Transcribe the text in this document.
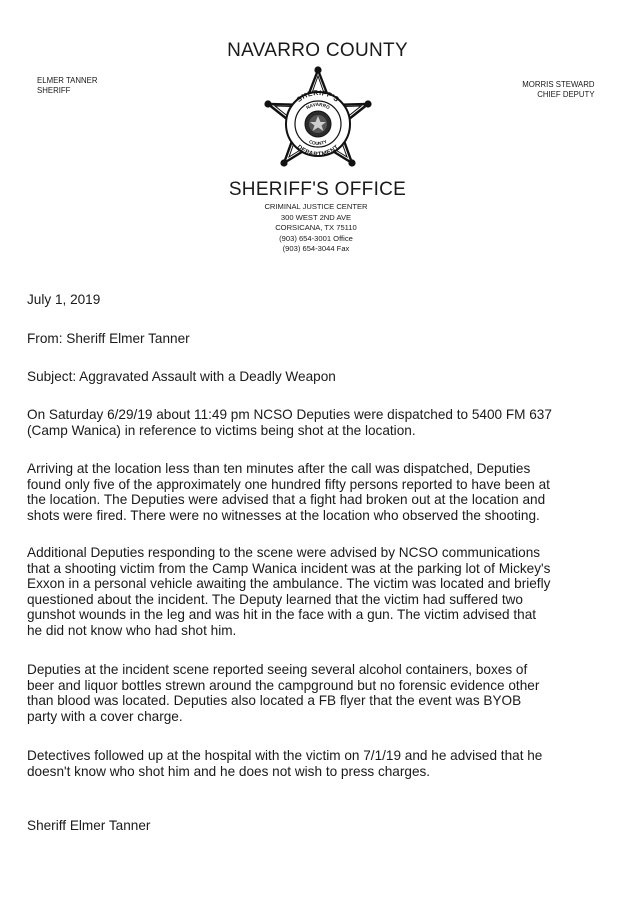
NAVARRO COUNTY
ELMER TANNER
SHERIFF
MORRIS STEWARD
CHIEF DEPUTY
SHERIFF'S
DEPARTMENT
NAVARRO
COUNTY
SHERIFF'S OFFICE
CRIMINAL JUSTICE CENTER
300 WEST 2ND AVE
CORSICANA, TX 75110
(903) 654-3001 Office
(903) 654-3044 Fax
July 1, 2019
From: Sheriff Elmer Tanner
Subject: Aggravated Assault with a Deadly Weapon
On Saturday 6/29/19 about 11:49 pm NCSO Deputies were dispatched to 5400 FM 637
(Camp Wanica) in reference to victims being shot at the location.
Arriving at the location less than ten minutes after the call was dispatched, Deputies
found only five of the approximately one hundred fifty persons reported to have been at
the location. The Deputies were advised that a fight had broken out at the location and
shots were fired. There were no witnesses at the location who observed the shooting.
Additional Deputies responding to the scene were advised by NCSO communications
that a shooting victim from the Camp Wanica incident was at the parking lot of Mickey's
Exxon in a personal vehicle awaiting the ambulance. The victim was located and briefly
questioned about the incident. The Deputy learned that the victim had suffered two
gunshot wounds in the leg and was hit in the face with a gun. The victim advised that
he did not know who had shot him.
Deputies at the incident scene reported seeing several alcohol containers, boxes of
beer and liquor bottles strewn around the campground but no forensic evidence other
than blood was located. Deputies also located a FB flyer that the event was BYOB
party with a cover charge.
Detectives followed up at the hospital with the victim on 7/1/19 and he advised that he
doesn't know who shot him and he does not wish to press charges.
Sheriff Elmer Tanner
